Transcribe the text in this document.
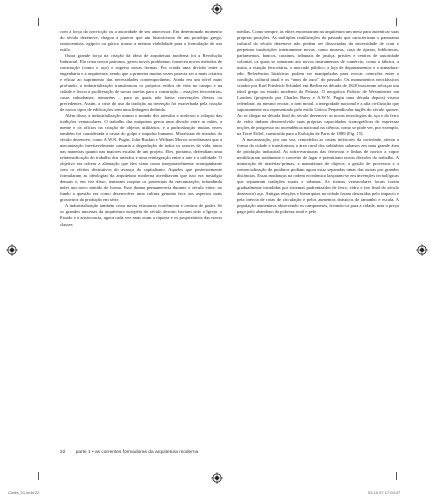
com a força da convicção ou a autoridade de seu antecessor. Em determinado momento do século dezenove, chegou a parecer que um historicismo de um protótipo grego, renascentista, egípcio ou gótico trouxe a mesma viabilidade para a formulação de um estilo.

Outra grande força na criação da ideia de arquitetura moderna foi a Revolução Industrial. Ela criou novos patronos, gerou novos problemas, forneceu novos métodos de construção (como o aço) e sugeriu novas formas. Foi criada uma divisão entre a engenharia e a arquitetura, sendo que a primeira muitas vezes parecia ser a mais criativa e eficaz ao suprimento das necessidades contemporâneas. Ainda em um nível mais profundo, a industrialização transformou os próprios estilos de vida no campo e na cidade e levou à proliferação de novas tarefas para a construção – estações ferroviárias, casas suburbanas, armazéns – para as quais não havia convenções óbvias ou precedentes. Assim, a crise do uso da tradição na invenção foi exacerbada pela criação de novos tipos de edificações sem uma linhagem definida.

Além disso, a industrialização minou o mundo dos artesãos e acelerou o colapso das tradições vernaculares. O trabalho das máquinas gerou uma divisão entre as mãos, a mente e os ofícios na criação de objetos utilitários, e a padronização muitas vezes também foi considerada a causa do golpe e impulso humano. Moralistas de meados do século dezenove, como A.W.N. Pugin, John Ruskin e William Morris acreditavam que a mecanização inevitavelmente causaria a degradação de todos os setores da vida, tanto nas maneiras quanto nas maiores escalas de um projeto. Eles, portanto, defendiam uma reintensificação do trabalho dos artesãos e uma reintegração entre a arte e a utilidade. O objetivo era refrear a alienação que eles viam como inseparavelmente acompanhante com os efeitos destrutivos do avanço do capitalismo. Aqueles que posteriormente formularam as ideologias da arquitetura moderna acreditavam que isso era nostalgia demais e, em vez disso, tentaram cooptar os potenciais da mecanização, infundindo neles um novo sentido de forma. Esse drama permaneceria durante o século vinte: no fundo a questão era como desenvolver uma cultura genuína face aos aspectos mais grosseiros da produção em série.

A industrialização também criou novas estruturas econômicas e centros de poder. Se os grandes mecenas da arquitetura européia do século dezoito haviam sido a Igreja, o Estado e a aristocracia, agora cada vez mais eram a riqueza e os proprietários das novas classes

médias. Como sempre, as elites encontraram na arquitetura um meio para autenticar suas próprias posições. As múltiplas reutilizações do passado que caracterizam o panorama cultural do século dezenove não podem ser dissociadas da necessidade de criar e perpetuar instituições inteiramente novas, como museus, casa de óperas, bibliotecas, parlamentos, bancos, cassinos, tribunais de justiça, prisões e centros de autoridade colonial, os quais se somaram aos novos instrumentos de comércio, como a fábrica, a usina, a estação ferroviária, o mercado público, a loja de departamentos e a armadura-edu. Referências históricas podem ser manipuladas para evocar conexões entre a condição cultural atual e os “anos de ouro” do passado. Os monumentos neoclássicos criados por Karl Friedrich Schinkel em Berlim na década de 1820 buscavam reforçar um ideal grego no estado moderno da Prússia. O neogótico Palácio de Westminster em Londres (projetado por Charles Barry e A.W.N. Pugin uma década depois) visava relembrar, ou mesmo recriar, o tom moral, a integridade nacional e a alta civilização que supostamente era representada pelo estilo Gótico Perpendicular inglês do século quinze. Ao se chegar na década final do século dezenove, as novas tecnologias do aço e do ferro de vidro tinham desenvolvido suas próprias capacidades iconográficas de expressar noções de progresso ou ascendência nacional na ciência, como se pode ver, por exemplo, na Torre Eiffel, construída para a Exibição de Paris de 1889 (Fig. 15).

A mecanização, por sua vez, remodelou as castas inferiores da sociedade, afetou a forma da cidade e transformou a área rural dos subúrbios urbanos em uma grande área de produção industrial. As infra-estruturas das ferrovias e linhas de navios a vapor modificaram totalmente o conceito de lugar e permitiram novas divisões do trabalho. A mineração de matérias-primas, a manufatura de objetos, a gestão de processos e a comercialização de produtos podiam agora estar separadas umas das outras por grandes distâncias. Essas mudanças na ordem econômica lançaram-se em invenções tecnológicas que separaram tradições rurais e urbanas. As formas vernaculares locais foram gradualmente invadidas por sistemas padronizados de ferro, vidro e (no final do século dezenove) aço. Antigas relações e hierarquias na cidade foram destruídas pelo impacto e pela inércia de rotas de circulação e pelos aumentos drásticos de tamanho e escala. A população aumentava absorvendo os camponeses, levando-os para a cidade, mas o preço pago pelo abandono da pobreza rural e pelo

22 parte 1 • as correntes formadoras da arquitetura moderna
Curtis_01.indd 22	03.10.07 17:03:47
